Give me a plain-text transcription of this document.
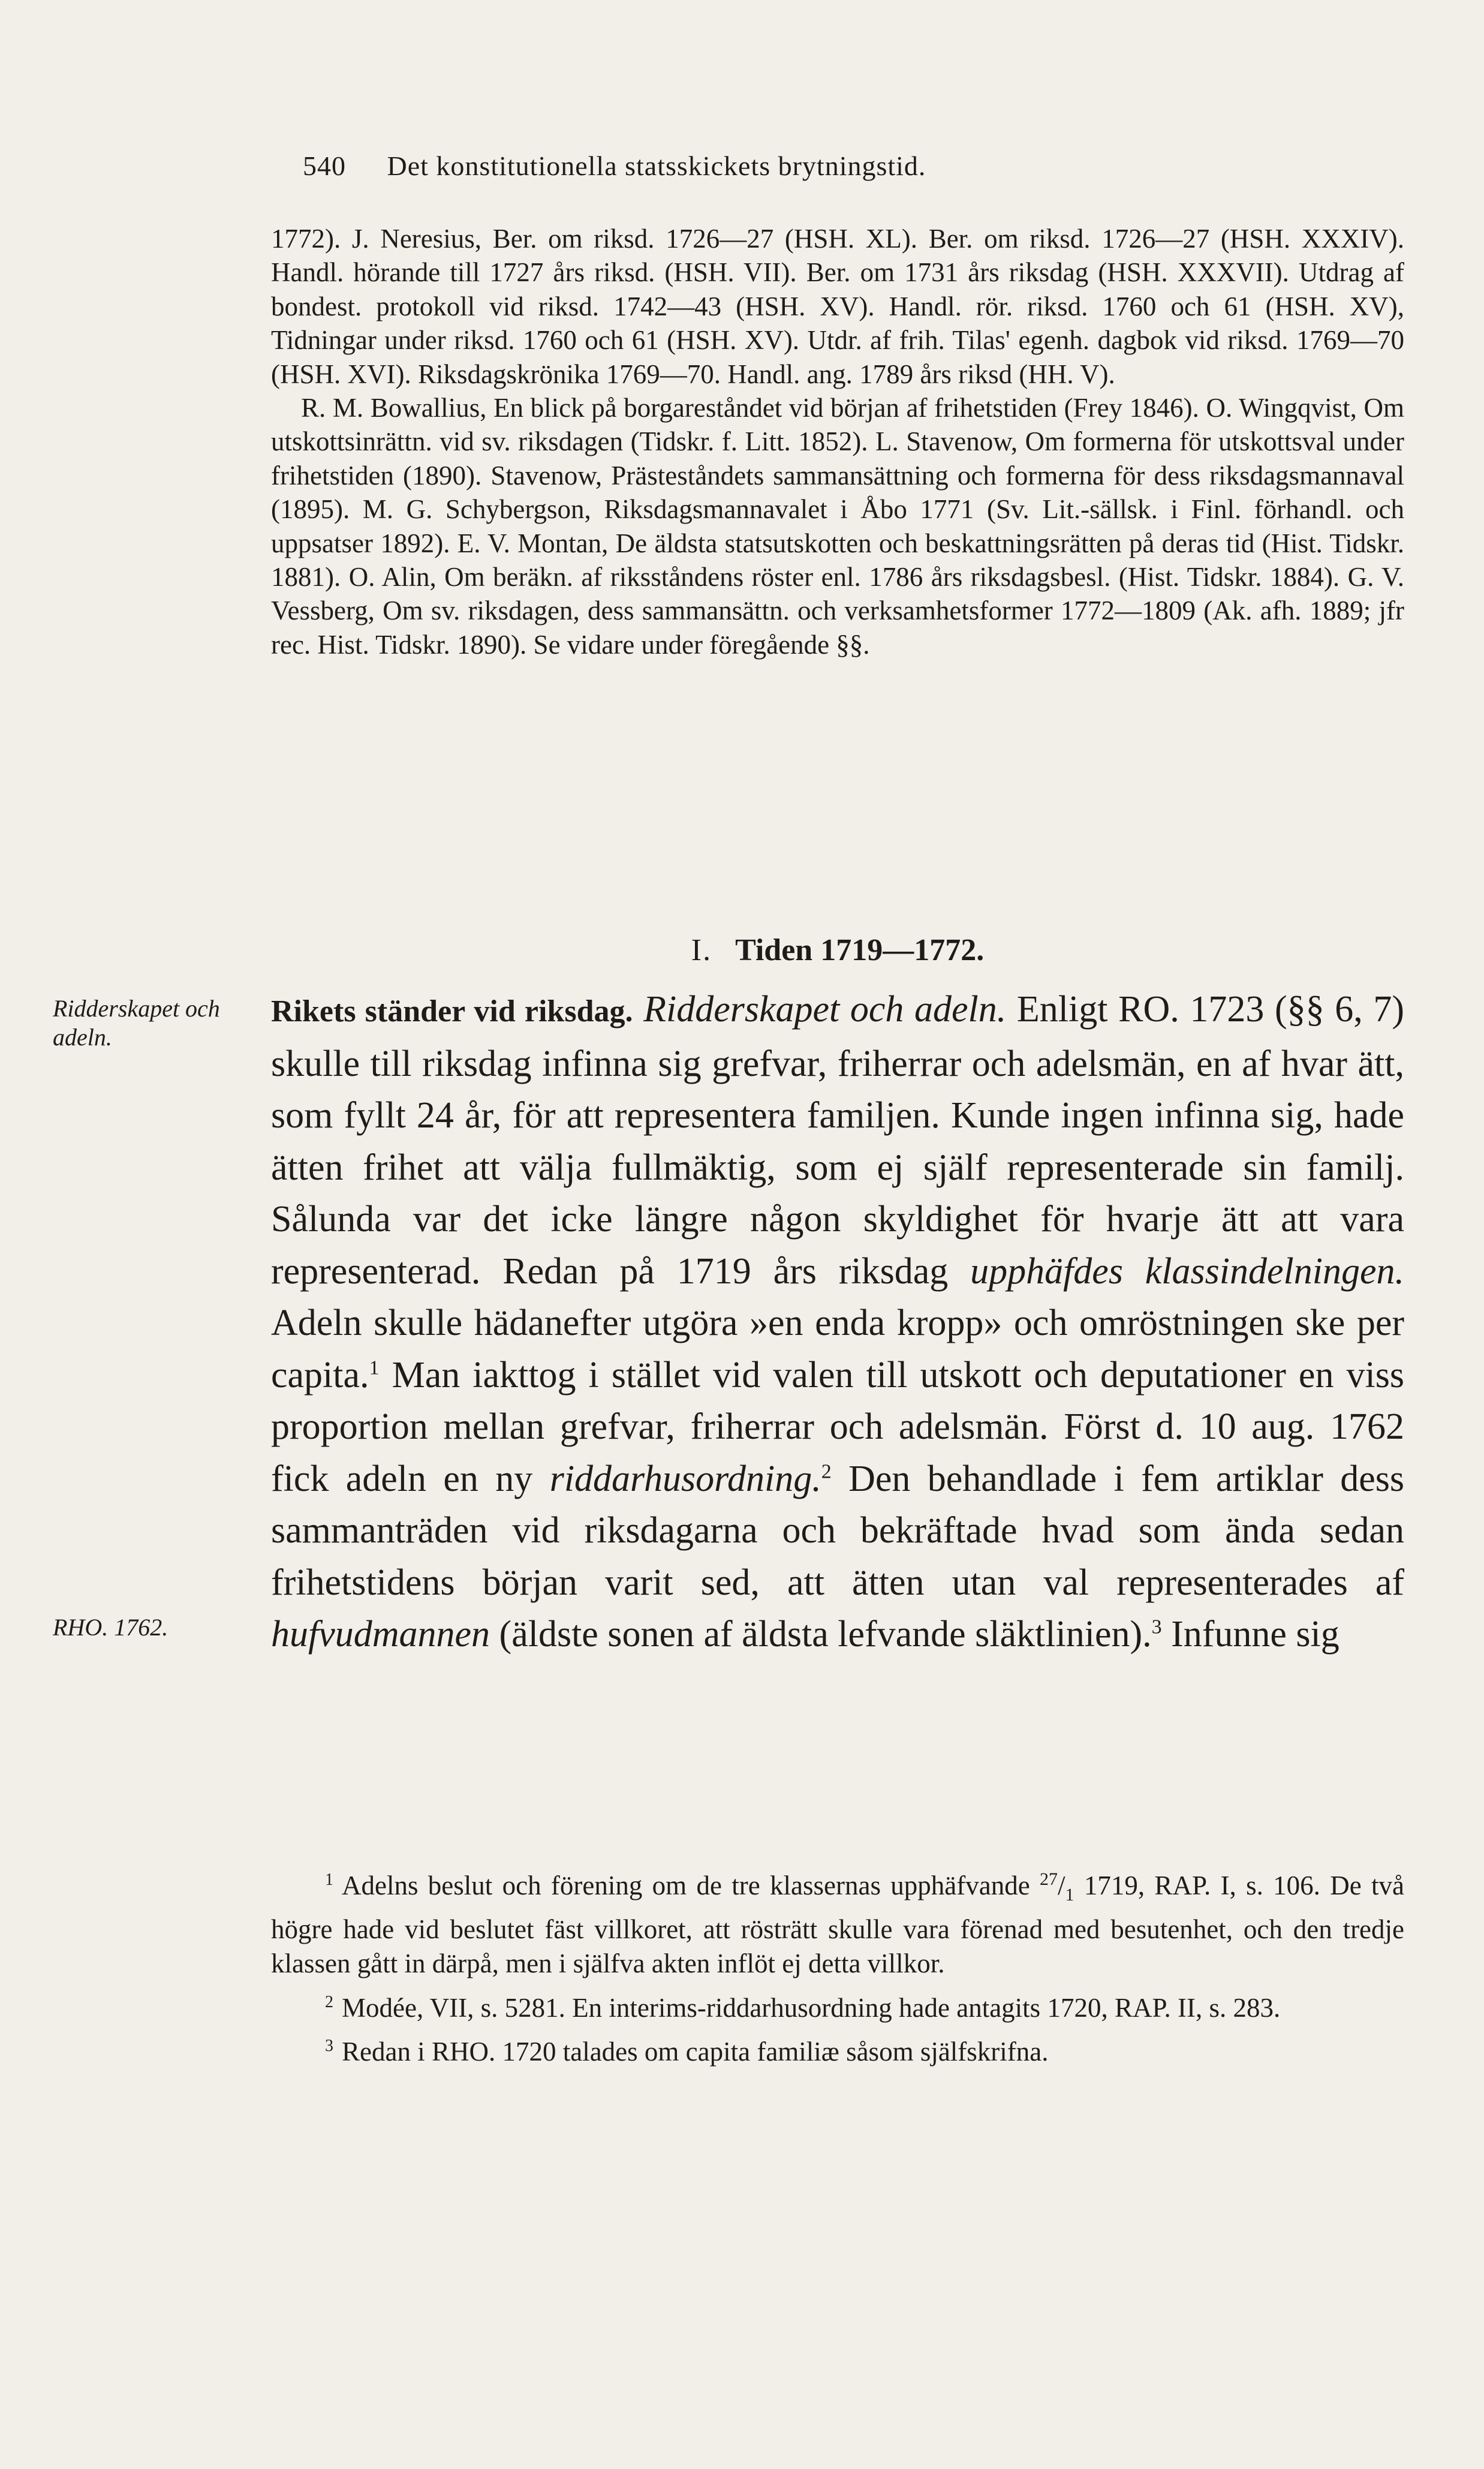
540 Det konstitutionella statsskickets brytningstid.

1772). J. Neresius, Ber. om riksd. 1726—27 (HSH. XL). Ber. om riksd. 1726—27 (HSH. XXXIV). Handl. hörande till 1727 års riksd. (HSH. VII). Ber. om 1731 års riksdag (HSH. XXXVII). Utdrag af bondest. protokoll vid riksd. 1742—43 (HSH. XV). Handl. rör. riksd. 1760 och 61 (HSH. XV), Tidningar under riksd. 1760 och 61 (HSH. XV). Utdr. af frih. Tilas' egenh. dagbok vid riksd. 1769—70 (HSH. XVI). Riksdagskrönika 1769—70. Handl. ang. 1789 års riksd (HH. V).

R. M. Bowallius, En blick på borgareståndet vid början af frihetstiden (Frey 1846). O. Wingqvist, Om utskottsinrättn. vid sv. riksdagen (Tidskr. f. Litt. 1852). L. Stavenow, Om formerna för utskottsval under frihetstiden (1890). Stavenow, Prästeståndets sammansättning och formerna för dess riksdagsmannaval (1895). M. G. Schybergson, Riksdagsmannavalet i Åbo 1771 (Sv. Lit.-sällsk. i Finl. förhandl. och uppsatser 1892). E. V. Montan, De äldsta statsutskotten och beskattningsrätten på deras tid (Hist. Tidskr. 1881). O. Alin, Om beräkn. af riksståndens röster enl. 1786 års riksdagsbesl. (Hist. Tidskr. 1884). G. V. Vessberg, Om sv. riksdagen, dess sammansättn. och verksamhetsformer 1772—1809 (Ak. afh. 1889; jfr rec. Hist. Tidskr. 1890). Se vidare under föregående §§.

I. Tiden 1719—1772.
Ridderskapet och adeln.
RHO. 1762.

Rikets ständer vid riksdag. Ridderskapet och adeln. Enligt RO. 1723 (§§ 6, 7) skulle till riksdag infinna sig grefvar, friherrar och adelsmän, en af hvar ätt, som fyllt 24 år, för att representera familjen. Kunde ingen infinna sig, hade ätten frihet att välja fullmäktig, som ej själf representerade sin familj. Sålunda var det icke längre någon skyldighet för hvarje ätt att vara representerad. Redan på 1719 års riksdag upphäfdes klassindelningen. Adeln skulle hädanefter utgöra »en enda kropp» och omröstningen ske per capita.$^1$ Man iakttog i stället vid valen till utskott och deputationer en viss proportion mellan grefvar, friherrar och adelsmän. Först d. 10 aug. 1762 fick adeln en ny riddarhusordning.$^2$ Den behandlade i fem artiklar dess sammanträden vid riksdagarna och bekräftade hvad som ända sedan frihetstidens början varit sed, att ätten utan val representerades af hufvudmannen (äldste sonen af äldsta lefvande släktlinien).$^3$ Infunne sig

$^1$ Adelns beslut och förening om de tre klassernas upphäfvande $^{27}/_1$ 1719, RAP. I, s. 106. De två högre hade vid beslutet fäst villkoret, att rösträtt skulle vara förenad med besutenhet, och den tredje klassen gått in därpå, men i själfva akten inflöt ej detta villkor.

$^2$ Modée, VII, s. 5281. En interims-riddarhusordning hade antagits 1720, RAP. II, s. 283.

$^3$ Redan i RHO. 1720 talades om capita familiæ såsom själfskrifna.
